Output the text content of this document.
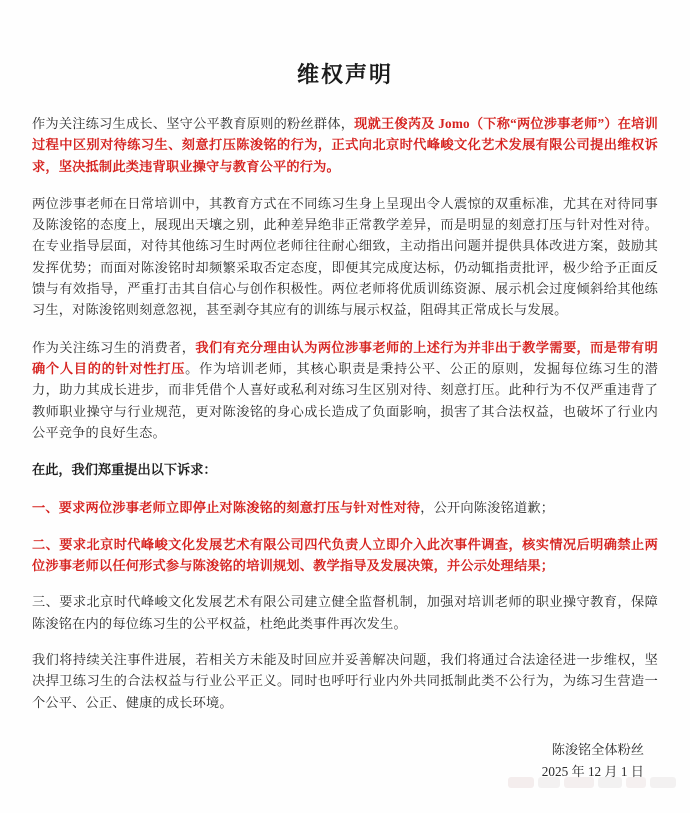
维权声明

作为关注练习生成长、坚守公平教育原则的粉丝群体，现就王俊芮及 Jomo（下称“两位涉事老师”）在培训过程中区别对待练习生、刻意打压陈浚铭的行为，正式向北京时代峰峻文化艺术发展有限公司提出维权诉求，坚决抵制此类违背职业操守与教育公平的行为。

两位涉事老师在日常培训中，其教育方式在不同练习生身上呈现出令人震惊的双重标准，尤其在对待同事及陈浚铭的态度上，展现出天壤之别，此种差异绝非正常教学差异，而是明显的刻意打压与针对性对待。在专业指导层面，对待其他练习生时两位老师往往耐心细致，主动指出问题并提供具体改进方案，鼓励其发挥优势；而面对陈浚铭时却频繁采取否定态度，即便其完成度达标，仍动辄指责批评，极少给予正面反馈与有效指导，严重打击其自信心与创作积极性。两位老师将优质训练资源、展示机会过度倾斜给其他练习生，对陈浚铭则刻意忽视，甚至剥夺其应有的训练与展示权益，阻碍其正常成长与发展。

作为关注练习生的消费者，我们有充分理由认为两位涉事老师的上述行为并非出于教学需要，而是带有明确个人目的的针对性打压。作为培训老师，其核心职责是秉持公平、公正的原则，发掘每位练习生的潜力，助力其成长进步，而非凭借个人喜好或私利对练习生区别对待、刻意打压。此种行为不仅严重违背了教师职业操守与行业规范，更对陈浚铭的身心成长造成了负面影响，损害了其合法权益，也破坏了行业内公平竞争的良好生态。

在此，我们郑重提出以下诉求：

一、要求两位涉事老师立即停止对陈浚铭的刻意打压与针对性对待，公开向陈浚铭道歉；

二、要求北京时代峰峻文化发展艺术有限公司四代负责人立即介入此次事件调查，核实情况后明确禁止两位涉事老师以任何形式参与陈浚铭的培训规划、教学指导及发展决策，并公示处理结果；

三、要求北京时代峰峻文化发展艺术有限公司建立健全监督机制，加强对培训老师的职业操守教育，保障陈浚铭在内的每位练习生的公平权益，杜绝此类事件再次发生。

我们将持续关注事件进展，若相关方未能及时回应并妥善解决问题，我们将通过合法途径进一步维权，坚决捍卫练习生的合法权益与行业公平正义。同时也呼吁行业内外共同抵制此类不公行为，为练习生营造一个公平、公正、健康的成长环境。

陈浚铭全体粉丝
2025 年 12 月 1 日
